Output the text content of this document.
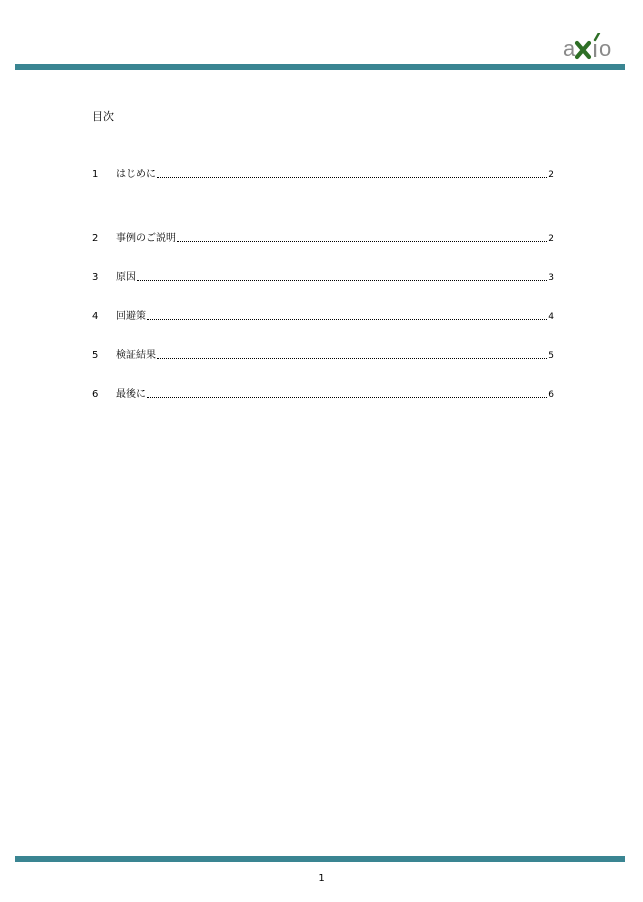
a o
目次
1	はじめに	2
2	事例のご説明	2
3	原因	3
4	回避策	4
5	検証結果	5
6	最後に	6
1
